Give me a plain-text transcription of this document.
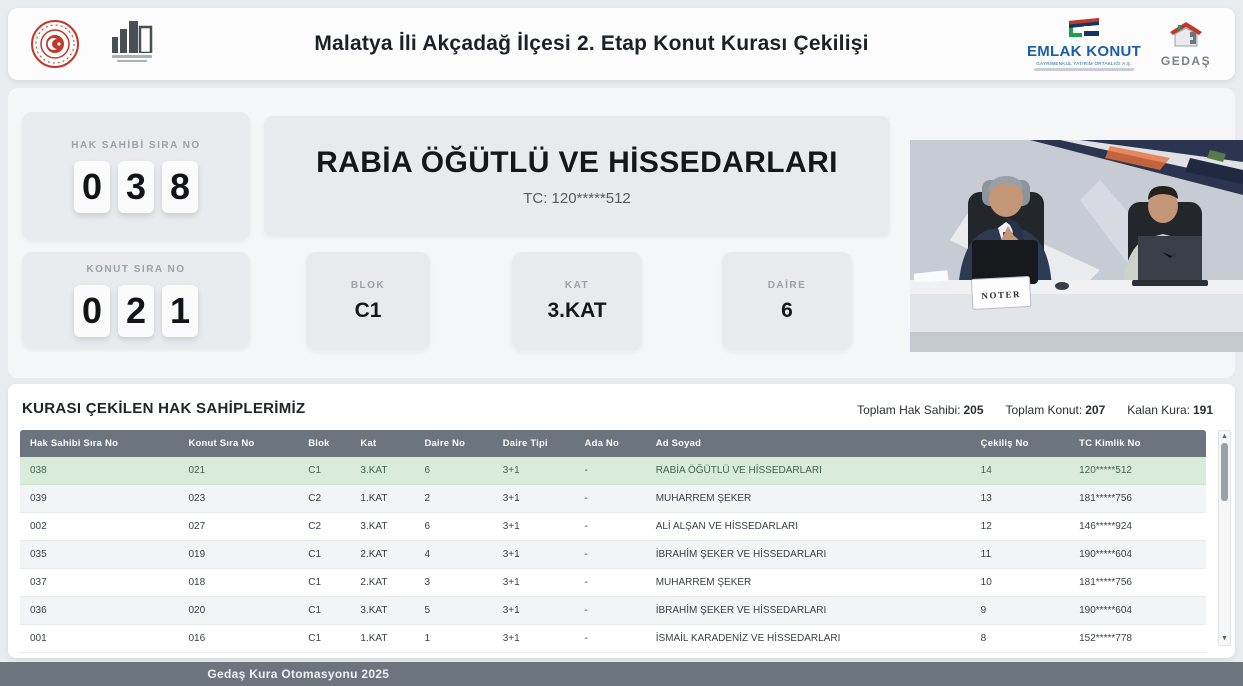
Malatya İli Akçadağ İlçesi 2. Etap Konut Kurası Çekilişi	EMLAK KONUT
GAYRİMENKUL YATIRIM ORTAKLIĞI A.Ş.	GEDAŞ
HAK SAHİBİ SIRA NO
0 3 8
KONUT SIRA NO
0 2 1
RABİA ÖĞÜTLÜ VE HİSSEDARLARI
TC: 120*****512
BLOK
C1
KAT
3.KAT
DAİRE
6
NOTER
KURASI ÇEKİLEN HAK SAHİPLERİMİZ	Toplam Hak Sahibi: 205 Toplam Konut: 207 Kalan Kura: 191
Hak Sahibi Sıra No	Konut Sıra No	Blok	Kat	Daire No	Daire Tipi	Ada No	Ad Soyad	Çekiliş No	TC Kimlik No
038	021	C1	3.KAT	6	3+1	-	RABİA ÖĞÜTLÜ VE HİSSEDARLARI	14	120*****512
039	023	C2	1.KAT	2	3+1	-	MUHARREM ŞEKER	13	181*****756
002	027	C2	3.KAT	6	3+1	-	ALİ ALŞAN VE HİSSEDARLARI	12	146*****924
035	019	C1	2.KAT	4	3+1	-	İBRAHİM ŞEKER VE HİSSEDARLARI	11	190*****604
037	018	C1	2.KAT	3	3+1	-	MUHARREM ŞEKER	10	181*****756
036	020	C1	3.KAT	5	3+1	-	İBRAHİM ŞEKER VE HİSSEDARLARI	9	190*****604
001	016	C1	1.KAT	1	3+1	-	İSMAİL KARADENİZ VE HİSSEDARLARI	8	152*****778
▲
▼
Gedaş Kura Otomasyonu 2025
